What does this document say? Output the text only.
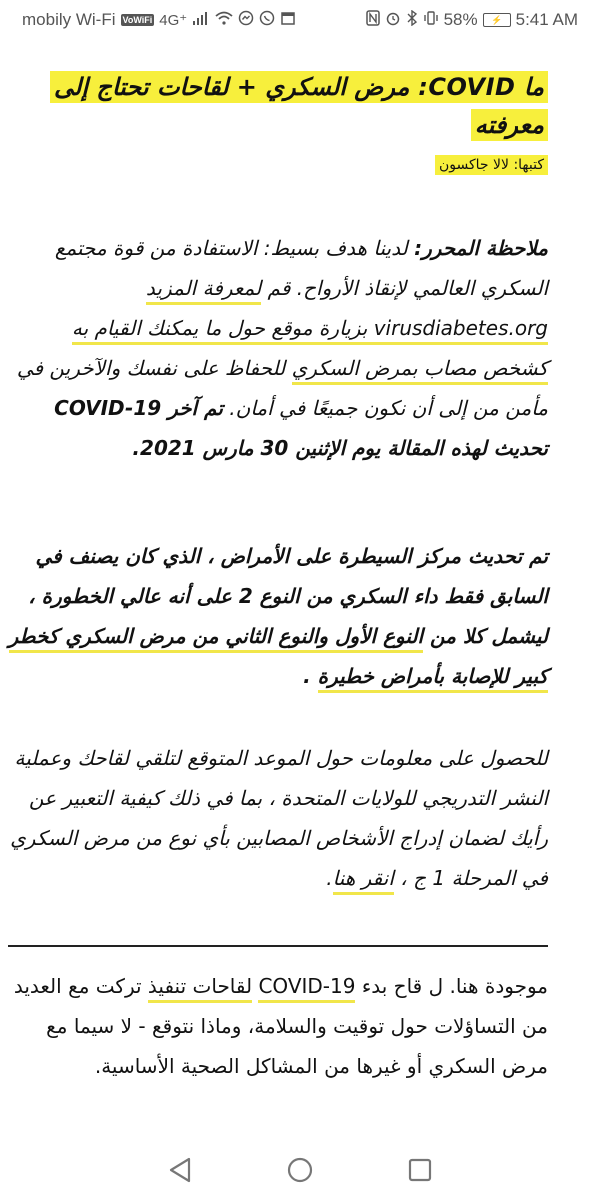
mobily Wi-Fi VoWiFi 4G⁺	58%	⚡ 5:41 AM
ما COVID: مرض السكري + لقاحات تحتاج إلى معرفته

كتبها: لالا جاكسون

ملاحظة المحرر: لدينا هدف بسيط: الاستفادة من قوة مجتمع السكري العالمي لإنقاذ الأرواح. قم لمعرفة المزيد virusdiabetes.org بزيارة موقع حول ما يمكنك القيام به كشخص مصاب بمرض السكري للحفاظ على نفسك والآخرين في مأمن من إلى أن نكون جميعًا في أمان. تم آخر COVID-19 تحديث لهذه المقالة يوم الإثنين 30 مارس 2021.

تم تحديث مركز السيطرة على الأمراض ، الذي كان يصنف في السابق فقط داء السكري من النوع 2 على أنه عالي الخطورة ، ليشمل كلا من النوع الأول والنوع الثاني من مرض السكري كخطر كبير للإصابة بأمراض خطيرة .

للحصول على معلومات حول الموعد المتوقع لتلقي لقاحك وعملية النشر التدريجي للولايات المتحدة ، بما في ذلك كيفية التعبير عن رأيك لضمان إدراج الأشخاص المصابين بأي نوع من مرض السكري في المرحلة 1 ج ، انقر هنا.

موجودة هنا. ل قاح بدء COVID-19 لقاحات تنفيذ تركت مع العديد من التساؤلات حول توقيت والسلامة، وماذا نتوقع - لا سيما مع مرض السكري أو غيرها من المشاكل الصحية الأساسية.
